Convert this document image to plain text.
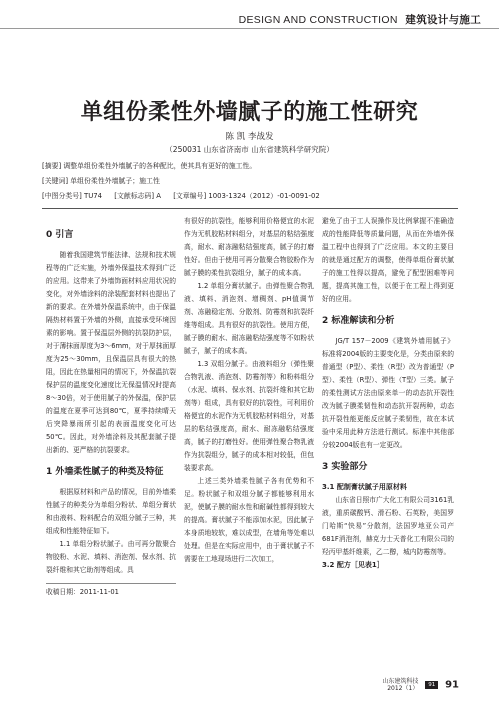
DESIGN AND CONSTRUCTION 建筑设计与施工
单组份柔性外墙腻子的施工性研究
陈 凯 李战发
（250031 山东省济南市 山东省建筑科学研究院）
[摘要] 调整单组份柔性外墙腻子的各种配比，使其具有更好的施工性。
[关键词] 单组份柔性外墙腻子；施工性
[中图分类号] TU74 [文献标志码] A [文章编号] 1003-1324（2012）-01-0091-02
0 引言

随着我国建筑节能法律、法规和技术规程等的广泛实施，外墙外保温技术得到广泛的应用。这带来了外墙饰面材料应用状况的变化，对外墙涂料的涂装配套材料也提出了新的要求。在外墙外保温系统中，由于保温隔热材料置于外墙的外侧，直接承受环境因素的影响。置于保温层外侧的抗裂防护层，对于薄抹面厚度为3～6mm，对于厚抹面厚度为25～30mm，且保温层具有很大的热阻，因此在热量相同的情况下，外保温抗裂保护层的温度变化速度比无保温情况时提高8～30倍，对于使用腻子的外保温，保护层的温度在夏季可达到80℃，夏季持续晴天后突降暴雨所引起的表面温度变化可达50℃。因此，对外墙涂料及其配套腻子提出新的、更严格的抗裂要求。

1 外墙柔性腻子的种类及特征

根据原材料和产品的情况，目前外墙柔性腻子的种类分为单组分粉状、单组分膏状和由液料、粉料配合的双组分腻子三种，其组成和性能特征如下。

1.1 单组分粉状腻子。由可再分散聚合物胶粉、水泥、填料、消泡剂、保水剂、抗裂纤维和其它助剂等组成。具

收稿日期：2011-11-01

有很好的抗裂性，能够利用价格便宜的水泥作为无机胶粘材料组分，对基层的粘结强度高，耐水、耐冻融粘结强度高，腻子的打磨性好。但由于使用可再分散聚合物胶粉作为腻子膜的柔性抗裂组分，腻子的成本高。

1.2 单组分膏状腻子。由弹性聚合物乳液、填料、消泡剂、增稠剂、pH值调节剂、冻融稳定剂、分散剂、防霉剂和抗裂纤维等组成。具有很好的抗裂性。使用方便，腻子膜的耐水、耐冻融粘结强度等不如粉状腻子，腻子的成本高。

1.3 双组分腻子。由液料组分（弹性聚合物乳液、消泡剂、防霉剂等）和粉料组分（水泥、填料、保水剂、抗裂纤维和其它助剂等）组成，具有很好的抗裂性，可利用价格便宜的水泥作为无机胶粘材料组分，对基层的粘结强度高，耐水、耐冻融粘结强度高，腻子的打磨性好。使用弹性聚合物乳液作为抗裂组分，腻子的成本相对较低，但包装要求高。

上述三类外墙柔性腻子各有优势和不足。粉状腻子和双组分腻子都能够利用水泥，使腻子膜的耐水性和耐碱性都得到较大的提高。膏状腻子不能添加水泥，因此腻子本身质地较软，难以成型，在墙角等处难以处理。但是在实际应用中，由于膏状腻子不需要在工地现场进行二次加工，

避免了由于工人误操作及比例掌握不准确造成的性能降低等质量问题，从而在外墙外保温工程中也得到了广泛应用。本文的主要目的就是通过配方的调整，使得单组份膏状腻子的施工性得以提高，避免了配型困难等问题，提高其施工性，以便于在工程上得到更好的应用。

2 标准解读和分析

JG/T 157－2009《建筑外墙用腻子》标准将2004版的主要变化是，分类由原来的普通型（P型）、柔性（R型）改为普通型（P型）、柔性（R型）、弹性（T型）三类。腻子的柔性测试方法由原来单一的动态抗开裂性改为腻子膜柔韧性和动态抗开裂两种，动态抗开裂性能更能反应腻子柔韧性，故在本试验中采用此种方法进行测试。标准中其他部分较2004版也有一定更改。

3 实验部分
3.1 配制膏状腻子用原材料

山东省日照市广大化工有限公司3161乳液，重质碳酸钙、滑石粉、石英粉，美国罗门哈斯“快易”分散剂，法国罗地亚公司产681F消泡剂，赫克力士天普化工有限公司的羟丙甲基纤维素，乙二醇，城内防霉剂等。

3.2 配方［见表1］
山东建筑科技
2012（1） 91 91
